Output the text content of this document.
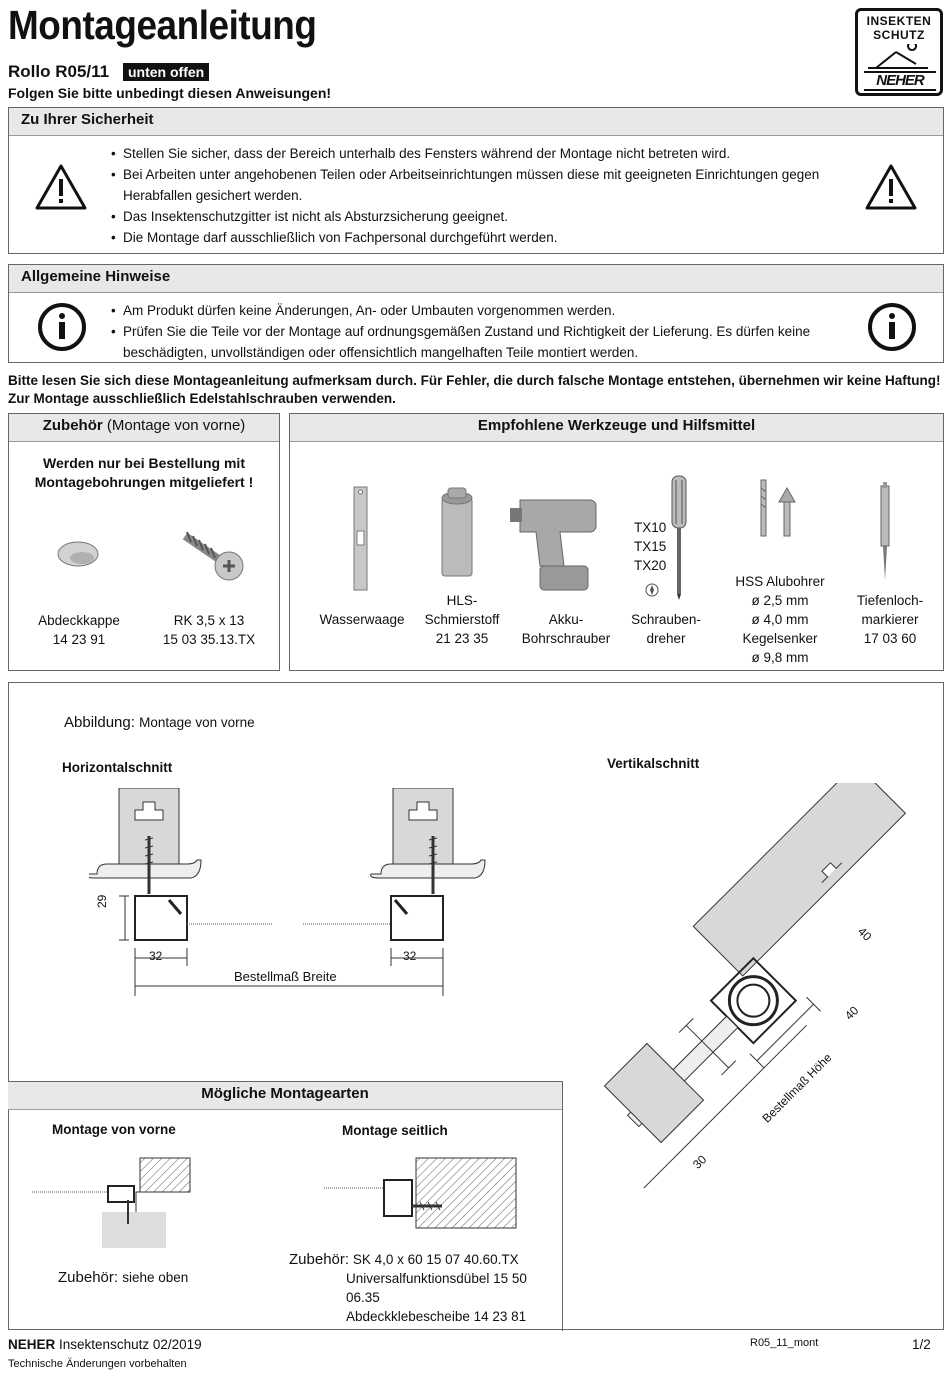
Montageanleitung
Rollo R05/11	unten offen
Folgen Sie bitte unbedingt diesen Anweisungen!
INSEKTEN
SCHUTZ
NEHER
Zu Ihrer Sicherheit
• Stellen Sie sicher, dass der Bereich unterhalb des Fensters während der Montage nicht betreten wird.
• Bei Arbeiten unter angehobenen Teilen oder Arbeitseinrichtungen müssen diese mit geeigneten Einrichtungen gegen Herabfallen gesichert werden.
• Das Insektenschutzgitter ist nicht als Absturzsicherung geeignet.
• Die Montage darf ausschließlich von Fachpersonal durchgeführt werden.
Allgemeine Hinweise
• Am Produkt dürfen keine Änderungen, An- oder Umbauten vorgenommen werden.
• Prüfen Sie die Teile vor der Montage auf ordnungsgemäßen Zustand und Richtigkeit der Lieferung. Es dürfen keine beschädigten, unvollständigen oder offensichtlich mangelhaften Teile montiert werden.
Bitte lesen Sie sich diese Montageanleitung aufmerksam durch. Für Fehler, die durch falsche Montage entstehen, übernehmen wir keine Haftung!
Zur Montage ausschließlich Edelstahlschrauben verwenden.
Zubehör (Montage von vorne)
Werden nur bei Bestellung mit
Montagebohrungen mitgeliefert !
Abdeckkappe
14 23 91
RK 3,5 x 13
15 03 35.13.TX
Empfohlene Werkzeuge und Hilfsmittel
TX10
TX15
TX20
Wasserwaage
HLS-
Schmierstoff
21 23 35
Akku-
Bohrschrauber
Schrauben-
dreher
HSS Alubohrer
ø 2,5 mm
ø 4,0 mm
Kegelsenker
ø 9,8 mm
Tiefenloch-
markierer
17 03 60
Abbildung: Montage von vorne
Horizontalschnitt	Vertikalschnitt
29
32	32
Bestellmaß Breite
40
40
30
Bestellmaß Höhe
Mögliche Montagearten
Montage von vorne	Montage seitlich
Zubehör: siehe oben
Zubehör: SK 4,0 x 60 15 07 40.60.TX
Universalfunktionsdübel 15 50 06.35
Abdeckklebescheibe 14 23 81
NEHER Insektenschutz 02/2019
Technische Änderungen vorbehalten
R05_11_mont	1/2
